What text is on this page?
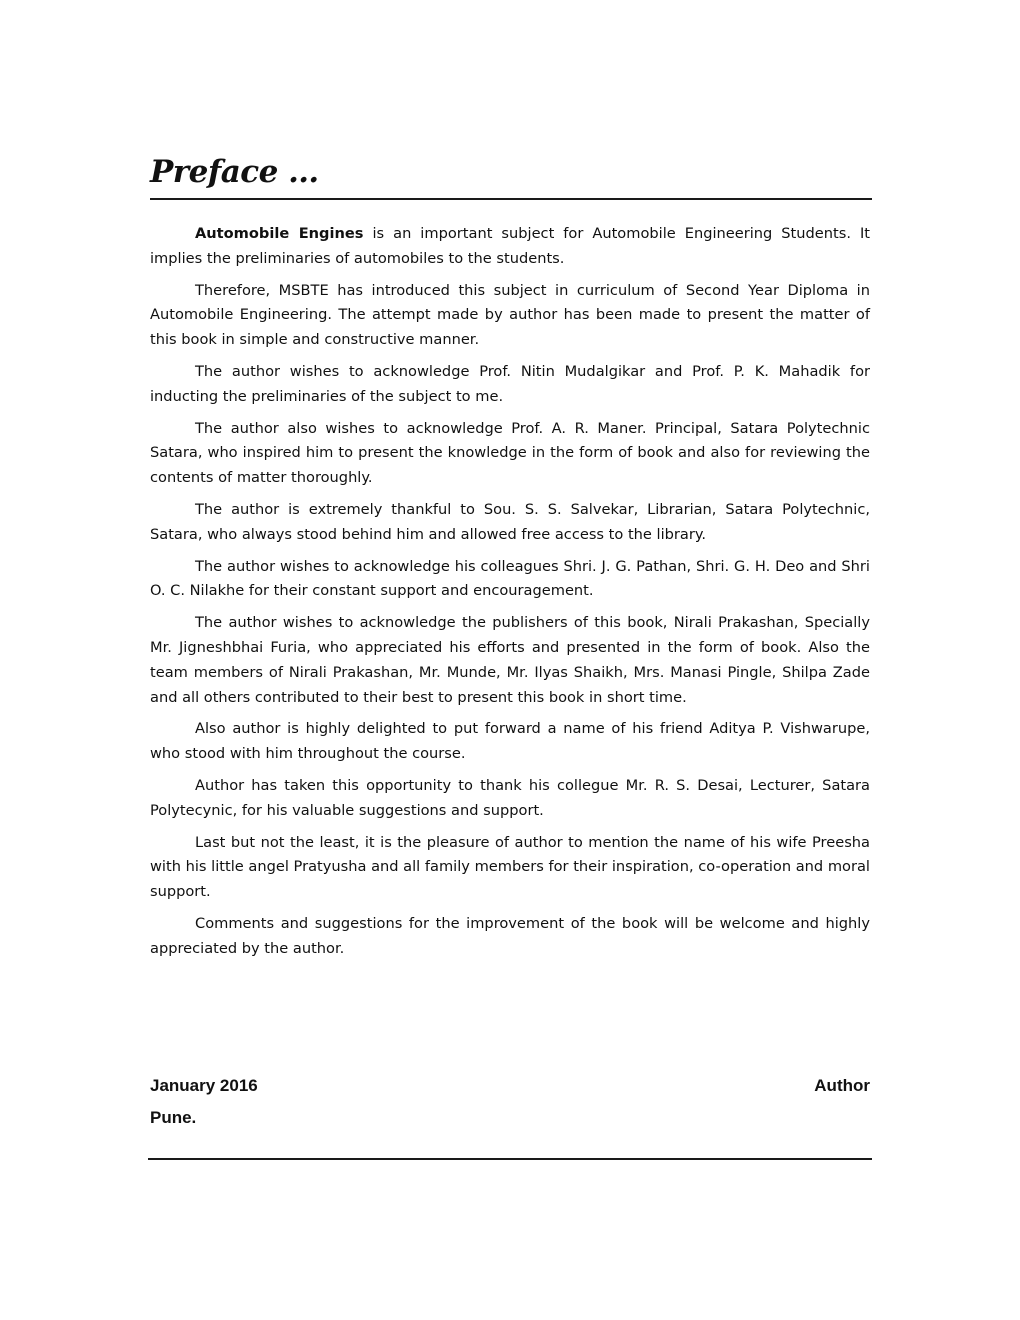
Preface …

Automobile Engines is an important subject for Automobile Engineering Students. It implies the preliminaries of automobiles to the students.

Therefore, MSBTE has introduced this subject in curriculum of Second Year Diploma in Automobile Engineering. The attempt made by author has been made to present the matter of this book in simple and constructive manner.

The author wishes to acknowledge Prof. Nitin Mudalgikar and Prof. P. K. Mahadik for inducting the preliminaries of the subject to me.

The author also wishes to acknowledge Prof. A. R. Maner. Principal, Satara Polytechnic Satara, who inspired him to present the knowledge in the form of book and also for reviewing the contents of matter thoroughly.

The author is extremely thankful to Sou. S. S. Salvekar, Librarian, Satara Polytechnic, Satara, who always stood behind him and allowed free access to the library.

The author wishes to acknowledge his colleagues Shri. J. G. Pathan, Shri. G. H. Deo and Shri O. C. Nilakhe for their constant support and encouragement.

The author wishes to acknowledge the publishers of this book, Nirali Prakashan, Specially Mr. Jigneshbhai Furia, who appreciated his efforts and presented in the form of book. Also the team members of Nirali Prakashan, Mr. Munde, Mr. Ilyas Shaikh, Mrs. Manasi Pingle, Shilpa Zade and all others contributed to their best to present this book in short time.

Also author is highly delighted to put forward a name of his friend Aditya P. Vishwarupe, who stood with him throughout the course.

Author has taken this opportunity to thank his collegue Mr. R. S. Desai, Lecturer, Satara Polytecynic, for his valuable suggestions and support.

Last but not the least, it is the pleasure of author to mention the name of his wife Preesha with his little angel Pratyusha and all family members for their inspiration, co-operation and moral support.

Comments and suggestions for the improvement of the book will be welcome and highly appreciated by the author.

January 2016	Author
Pune.
